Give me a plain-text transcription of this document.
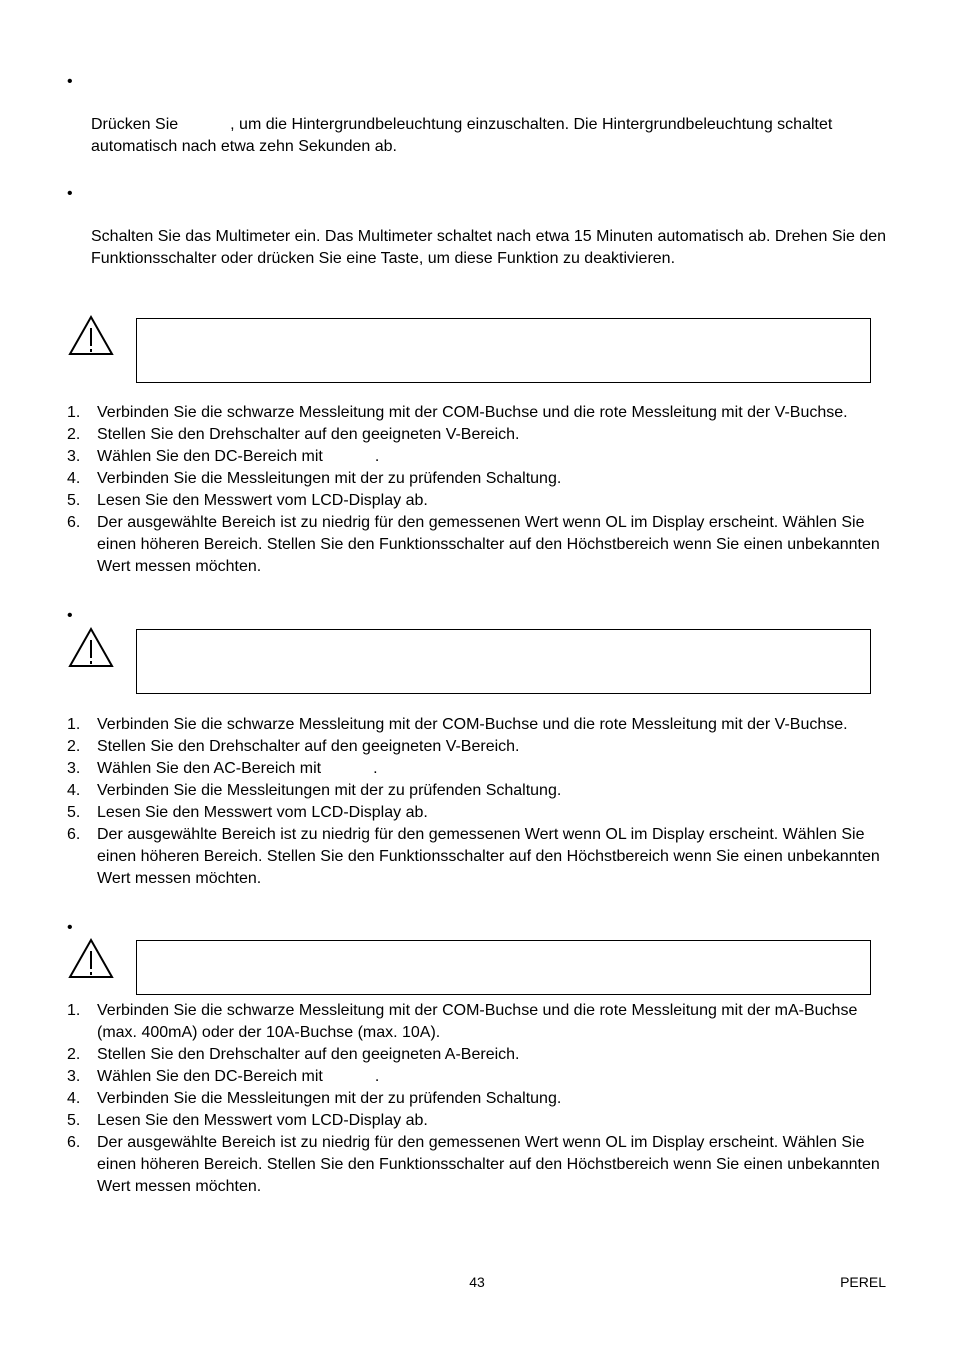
•
Drücken Sie	, um die Hintergrundbeleuchtung einzuschalten. Die Hintergrundbeleuchtung schaltet automatisch nach etwa zehn Sekunden ab.
•
Schalten Sie das Multimeter ein. Das Multimeter schaltet nach etwa 15 Minuten automatisch ab. Drehen Sie den Funktionsschalter oder drücken Sie eine Taste, um diese Funktion zu deaktivieren.
1. Verbinden Sie die schwarze Messleitung mit der COM-Buchse und die rote Messleitung mit der V-Buchse.
2. Stellen Sie den Drehschalter auf den geeigneten V-Bereich.
3. Wählen Sie den DC-Bereich mit	.
4. Verbinden Sie die Messleitungen mit der zu prüfenden Schaltung.
5. Lesen Sie den Messwert vom LCD-Display ab.
6. Der ausgewählte Bereich ist zu niedrig für den gemessenen Wert wenn OL im Display erscheint. Wählen Sie einen höheren Bereich. Stellen Sie den Funktionsschalter auf den Höchstbereich wenn Sie einen unbekannten Wert messen möchten.
•
1. Verbinden Sie die schwarze Messleitung mit der COM-Buchse und die rote Messleitung mit der V-Buchse.
2. Stellen Sie den Drehschalter auf den geeigneten V-Bereich.
3. Wählen Sie den AC-Bereich mit	.
4. Verbinden Sie die Messleitungen mit der zu prüfenden Schaltung.
5. Lesen Sie den Messwert vom LCD-Display ab.
6. Der ausgewählte Bereich ist zu niedrig für den gemessenen Wert wenn OL im Display erscheint. Wählen Sie einen höheren Bereich. Stellen Sie den Funktionsschalter auf den Höchstbereich wenn Sie einen unbekannten Wert messen möchten.
•
1. Verbinden Sie die schwarze Messleitung mit der COM-Buchse und die rote Messleitung mit der mA-Buchse (max. 400mA) oder der 10A-Buchse (max. 10A).
2. Stellen Sie den Drehschalter auf den geeigneten A-Bereich.
3. Wählen Sie den DC-Bereich mit	.
4. Verbinden Sie die Messleitungen mit der zu prüfenden Schaltung.
5. Lesen Sie den Messwert vom LCD-Display ab.
6. Der ausgewählte Bereich ist zu niedrig für den gemessenen Wert wenn OL im Display erscheint. Wählen Sie einen höheren Bereich. Stellen Sie den Funktionsschalter auf den Höchstbereich wenn Sie einen unbekannten Wert messen möchten.
43	PEREL
